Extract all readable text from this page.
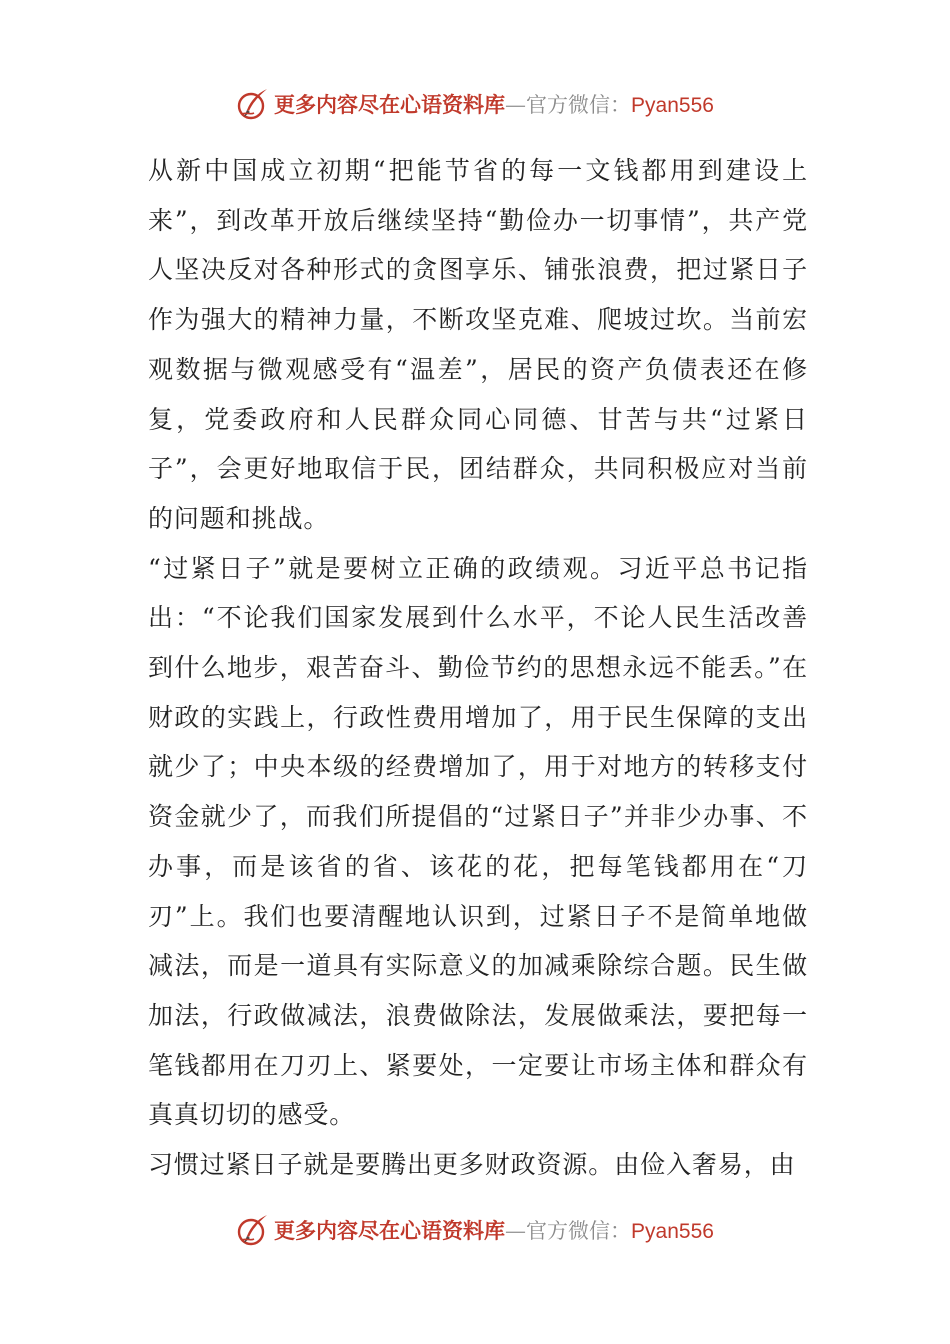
更多内容尽在心语资料库—官方微信：Pyan556

从新中国成立初期“把能节省的每一文钱都用到建设上来”，到改革开放后继续坚持“勤俭办一切事情”，共产党人坚决反对各种形式的贪图享乐、铺张浪费，把过紧日子作为强大的精神力量，不断攻坚克难、爬坡过坎。当前宏观数据与微观感受有“温差”，居民的资产负债表还在修复，党委政府和人民群众同心同德、甘苦与共“过紧日子”，会更好地取信于民，团结群众，共同积极应对当前的问题和挑战。

“过紧日子”就是要树立正确的政绩观。习近平总书记指出：“不论我们国家发展到什么水平，不论人民生活改善到什么地步，艰苦奋斗、勤俭节约的思想永远不能丢。”在财政的实践上，行政性费用增加了，用于民生保障的支出就少了；中央本级的经费增加了，用于对地方的转移支付资金就少了，而我们所提倡的“过紧日子”并非少办事、不办事，而是该省的省、该花的花，把每笔钱都用在“刀刃”上。我们也要清醒地认识到，过紧日子不是简单地做减法，而是一道具有实际意义的加减乘除综合题。民生做加法，行政做减法，浪费做除法，发展做乘法，要把每一笔钱都用在刀刃上、紧要处，一定要让市场主体和群众有真真切切的感受。

习惯过紧日子就是要腾出更多财政资源。由俭入奢易，由

更多内容尽在心语资料库—官方微信：Pyan556
